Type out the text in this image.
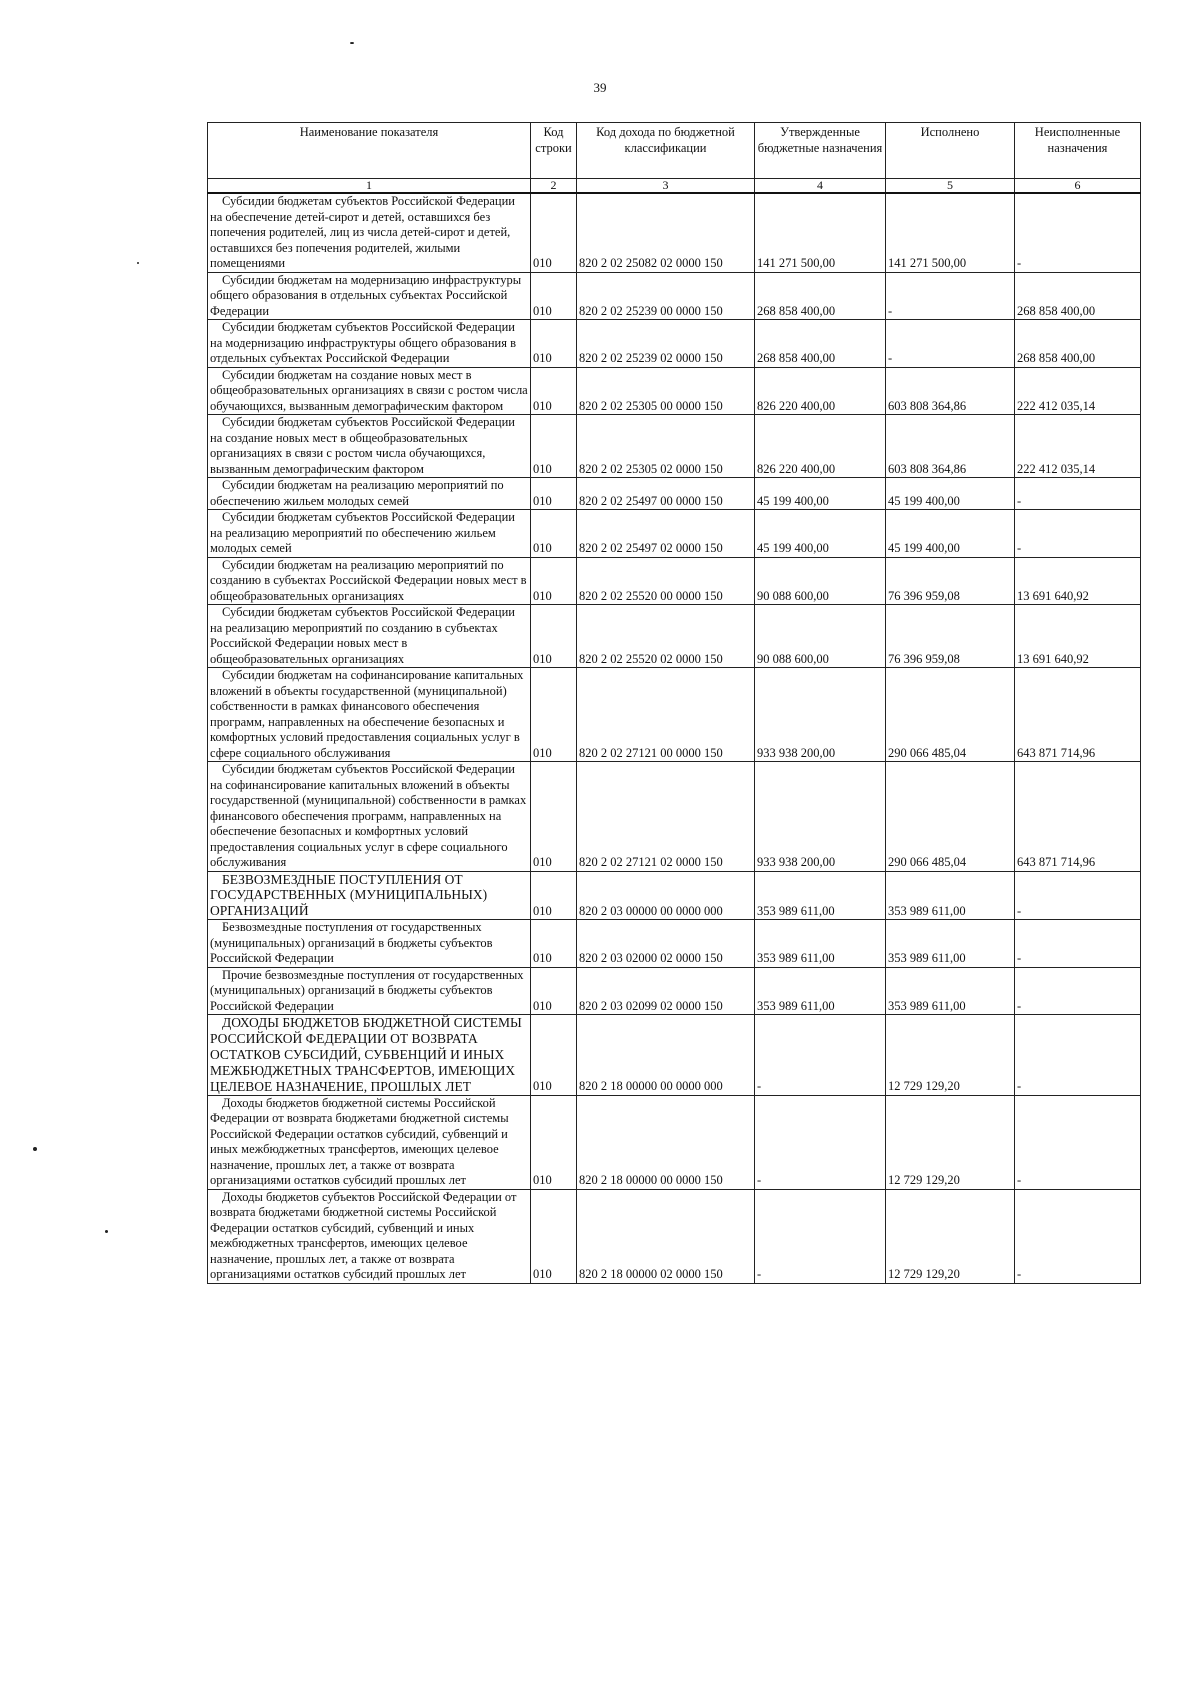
39
Наименование показателя	Код строки	Код дохода по бюджетной классификации	Утвержденные бюджетные назначения	Исполнено	Неисполненные назначения
1	2	3	4	5	6
Субсидии бюджетам субъектов Российской Федерации на обеспечение детей-сирот и детей, оставшихся без попечения родителей, лиц из числа детей-сирот и детей, оставшихся без попечения родителей, жилыми помещениями	010	820 2 02 25082 02 0000 150	141 271 500,00	141 271 500,00	-
Субсидии бюджетам на модернизацию инфраструктуры общего образования в отдельных субъектах Российской Федерации	010	820 2 02 25239 00 0000 150	268 858 400,00	-	268 858 400,00
Субсидии бюджетам субъектов Российской Федерации на модернизацию инфраструктуры общего образования в отдельных субъектах Российской Федерации	010	820 2 02 25239 02 0000 150	268 858 400,00	-	268 858 400,00
Субсидии бюджетам на создание новых мест в общеобразовательных организациях в связи с ростом числа обучающихся, вызванным демографическим фактором	010	820 2 02 25305 00 0000 150	826 220 400,00	603 808 364,86	222 412 035,14
Субсидии бюджетам субъектов Российской Федерации на создание новых мест в общеобразовательных организациях в связи с ростом числа обучающихся, вызванным демографическим фактором	010	820 2 02 25305 02 0000 150	826 220 400,00	603 808 364,86	222 412 035,14
Субсидии бюджетам на реализацию мероприятий по обеспечению жильем молодых семей	010	820 2 02 25497 00 0000 150	45 199 400,00	45 199 400,00	-
Субсидии бюджетам субъектов Российской Федерации на реализацию мероприятий по обеспечению жильем молодых семей	010	820 2 02 25497 02 0000 150	45 199 400,00	45 199 400,00	-
Субсидии бюджетам на реализацию мероприятий по созданию в субъектах Российской Федерации новых мест в общеобразовательных организациях	010	820 2 02 25520 00 0000 150	90 088 600,00	76 396 959,08	13 691 640,92
Субсидии бюджетам субъектов Российской Федерации на реализацию мероприятий по созданию в субъектах Российской Федерации новых мест в общеобразовательных организациях	010	820 2 02 25520 02 0000 150	90 088 600,00	76 396 959,08	13 691 640,92
Субсидии бюджетам на софинансирование капитальных вложений в объекты государственной (муниципальной) собственности в рамках финансового обеспечения программ, направленных на обеспечение безопасных и комфортных условий предоставления социальных услуг в сфере социального обслуживания	010	820 2 02 27121 00 0000 150	933 938 200,00	290 066 485,04	643 871 714,96
Субсидии бюджетам субъектов Российской Федерации на софинансирование капитальных вложений в объекты государственной (муниципальной) собственности в рамках финансового обеспечения программ, направленных на обеспечение безопасных и комфортных условий предоставления социальных услуг в сфере социального обслуживания	010	820 2 02 27121 02 0000 150	933 938 200,00	290 066 485,04	643 871 714,96
БЕЗВОЗМЕЗДНЫЕ ПОСТУПЛЕНИЯ ОТ ГОСУДАРСТВЕННЫХ (МУНИЦИПАЛЬНЫХ) ОРГАНИЗАЦИЙ	010	820 2 03 00000 00 0000 000	353 989 611,00	353 989 611,00	-
Безвозмездные поступления от государственных (муниципальных) организаций в бюджеты субъектов Российской Федерации	010	820 2 03 02000 02 0000 150	353 989 611,00	353 989 611,00	-
Прочие безвозмездные поступления от государственных (муниципальных) организаций в бюджеты субъектов Российской Федерации	010	820 2 03 02099 02 0000 150	353 989 611,00	353 989 611,00	-
ДОХОДЫ БЮДЖЕТОВ БЮДЖЕТНОЙ СИСТЕМЫ РОССИЙСКОЙ ФЕДЕРАЦИИ ОТ ВОЗВРАТА ОСТАТКОВ СУБСИДИЙ, СУБВЕНЦИЙ И ИНЫХ МЕЖБЮДЖЕТНЫХ ТРАНСФЕРТОВ, ИМЕЮЩИХ ЦЕЛЕВОЕ НАЗНАЧЕНИЕ, ПРОШЛЫХ ЛЕТ	010	820 2 18 00000 00 0000 000	-	12 729 129,20	-
Доходы бюджетов бюджетной системы Российской Федерации от возврата бюджетами бюджетной системы Российской Федерации остатков субсидий, субвенций и иных межбюджетных трансфертов, имеющих целевое назначение, прошлых лет, а также от возврата организациями остатков субсидий прошлых лет	010	820 2 18 00000 00 0000 150	-	12 729 129,20	-
Доходы бюджетов субъектов Российской Федерации от возврата бюджетами бюджетной системы Российской Федерации остатков субсидий, субвенций и иных межбюджетных трансфертов, имеющих целевое назначение, прошлых лет, а также от возврата организациями остатков субсидий прошлых лет	010	820 2 18 00000 02 0000 150	-	12 729 129,20	-
